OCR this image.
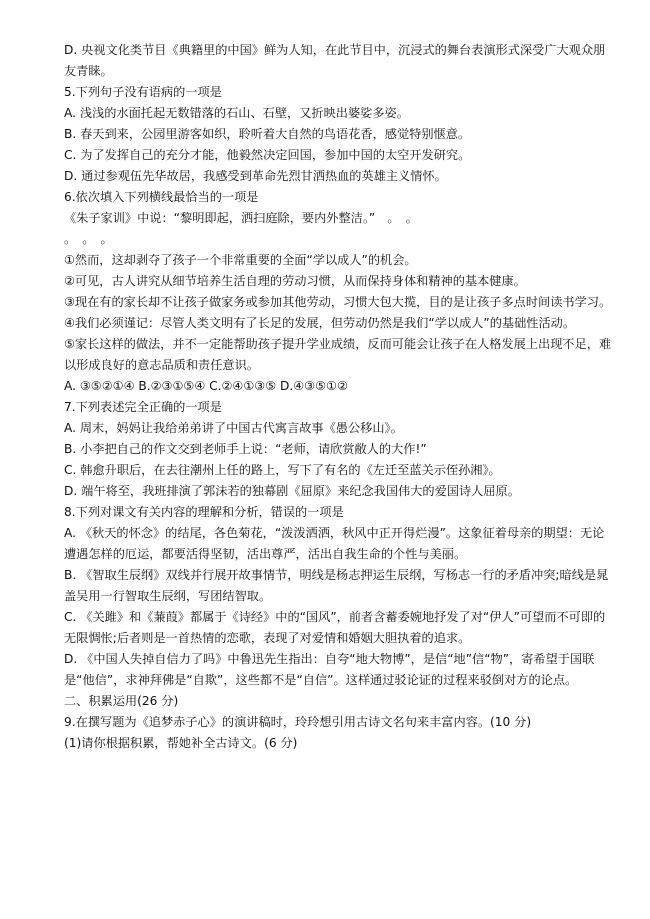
D. 央视文化类节目《典籍里的中国》鲜为人知，在此节目中，沉浸式的舞台表演形式深受广大观众朋友青睐。

5.下列句子没有语病的一项是

A. 浅浅的水面托起无数错落的石山、石壁，又折映出婆娑多姿。

B. 春天到来，公园里游客如织，聆听着大自然的鸟语花香，感觉特别惬意。

C. 为了发挥自己的充分才能，他毅然决定回国，参加中国的太空开发研究。

D. 通过参观伍先华故居，我感受到革命先烈甘洒热血的英雄主义情怀。

6.依次填入下列横线最恰当的一项是

《朱子家训》中说：“黎明即起，洒扫庭除，要内外整洁。”　。　。

。　。　。

①然而，这却剥夺了孩子一个非常重要的全面“学以成人”的机会。

②可见，古人讲究从细节培养生活自理的劳动习惯，从而保持身体和精神的基本健康。

③现在有的家长却不让孩子做家务或参加其他劳动，习惯大包大揽，目的是让孩子多点时间读书学习。

④我们必须谨记：尽管人类文明有了长足的发展，但劳动仍然是我们“学以成人”的基础性活动。

⑤家长这样的做法，并不一定能帮助孩子提升学业成绩，反而可能会让孩子在人格发展上出现不足，难以形成良好的意志品质和责任意识。

A. ③⑤②①④ B.②③①⑤④ C.②④①③⑤ D.④③⑤①②

7.下列表述完全正确的一项是

A. 周末，妈妈让我给弟弟讲了中国古代寓言故事《愚公移山》。

B. 小李把自己的作文交到老师手上说：“老师，请欣赏敝人的大作!”

C. 韩愈升职后，在去往潮州上任的路上，写下了有名的《左迁至蓝关示侄孙湘》。

D. 端午将至，我班排演了郭沫若的独幕剧《屈原》来纪念我国伟大的爱国诗人屈原。

8.下列对课文有关内容的理解和分析，错误的一项是

A. 《秋天的怀念》的结尾，各色菊花，“泼泼洒洒，秋风中正开得烂漫”。这象征着母亲的期望：无论遭遇怎样的厄运，都要活得坚韧，活出尊严，活出自我生命的个性与美丽。

B. 《智取生辰纲》双线并行展开故事情节，明线是杨志押运生辰纲，写杨志一行的矛盾冲突;暗线是晁盖吴用一行智取生辰纲，写团结智取。

C. 《关雎》和《蒹葭》都属于《诗经》中的“国风”，前者含蓄委婉地抒发了对“伊人”可望而不可即的无限惆怅;后者则是一首热情的恋歌，表现了对爱情和婚姻大胆执着的追求。

D. 《中国人失掉自信力了吗》中鲁迅先生指出：自夸“地大物博”，是信“地”信“物”，寄希望于国联是“他信”，求神拜佛是“自欺”，这些都不是“自信”。这样通过驳论证的过程来驳倒对方的论点。

二、积累运用(26 分)

9.在撰写题为《追梦赤子心》的演讲稿时，玲玲想引用古诗文名句来丰富内容。(10 分)

(1)请你根据积累，帮她补全古诗文。(6 分)
